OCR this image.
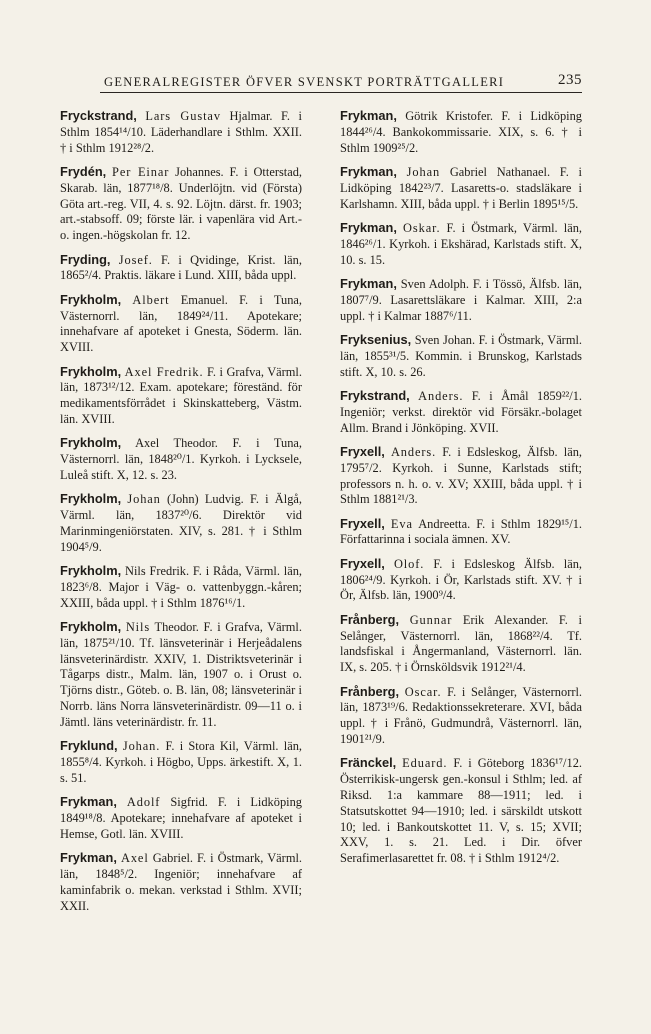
GENERALREGISTER ÖFVER SVENSKT PORTRÄTTGALLERI	235

Fryckstrand, Lars Gustav Hjalmar. F. i Sthlm 1854¹⁴/10. Läderhandlare i Sthlm. XXII. † i Sthlm 1912²⁸/2.

Frydén, Per Einar Johannes. F. i Otterstad, Skarab. län, 1877¹⁸/8. Underlöjtn. vid (Första) Göta art.-reg. VII, 4. s. 92. Löjtn. därst. fr. 1903; art.-stabsoff. 09; förste lär. i vapenlära vid Art.- o. ingen.-högskolan fr. 12.

Fryding, Josef. F. i Qvidinge, Krist. län, 1865²/4. Praktis. läkare i Lund. XIII, båda uppl.

Frykholm, Albert Emanuel. F. i Tuna, Västernorrl. län, 1849²⁴/11. Apotekare; innehafvare af apoteket i Gnesta, Söderm. län. XVIII.

Frykholm, Axel Fredrik. F. i Grafva, Värml. län, 1873¹²/12. Exam. apotekare; föreständ. för medikamentsförrådet i Skinskatteberg, Västm. län. XVIII.

Frykholm, Axel Theodor. F. i Tuna, Västernorrl. län, 1848²⁰/1. Kyrkoh. i Lycksele, Luleå stift. X, 12. s. 23.

Frykholm, Johan (John) Ludvig. F. i Älgå, Värml. län, 1837²⁰/6. Direktör vid Marinmingeniörstaten. XIV, s. 281. † i Sthlm 1904⁵/9.

Frykholm, Nils Fredrik. F. i Råda, Värml. län, 1823⁶/8. Major i Väg- o. vattenbyggn.-kåren; XXIII, båda uppl. † i Sthlm 1876¹⁶/1.

Frykholm, Nils Theodor. F. i Grafva, Värml. län, 1875²¹/10. Tf. länsveterinär i Herjeådalens länsveterinärdistr. XXIV, 1. Distriktsveterinär i Tågarps distr., Malm. län, 1907 o. i Orust o. Tjörns distr., Göteb. o. B. län, 08; länsveterinär i Norrb. läns Norra länsveterinärdistr. 09—11 o. i Jämtl. läns veterinärdistr. fr. 11.

Fryklund, Johan. F. i Stora Kil, Värml. län, 1855⁸/4. Kyrkoh. i Högbo, Upps. ärkestift. X, 1. s. 51.

Frykman, Adolf Sigfrid. F. i Lidköping 1849¹⁸/8. Apotekare; innehafvare af apoteket i Hemse, Gotl. län. XVIII.

Frykman, Axel Gabriel. F. i Östmark, Värml. län, 1848⁵/2. Ingeniör; innehafvare af kaminfabrik o. mekan. verkstad i Sthlm. XVII; XXII.

Frykman, Götrik Kristofer. F. i Lidköping 1844²⁶/4. Bankokommissarie. XIX, s. 6. † i Sthlm 1909²⁵/2.

Frykman, Johan Gabriel Nathanael. F. i Lidköping 1842²³/7. Lasaretts-o. stadsläkare i Karlshamn. XIII, båda uppl. † i Berlin 1895¹⁵/5.

Frykman, Oskar. F. i Östmark, Värml. län, 1846²⁶/1. Kyrkoh. i Ekshärad, Karlstads stift. X, 10. s. 15.

Frykman, Sven Adolph. F. i Tössö, Älfsb. län, 1807⁷/9. Lasarettsläkare i Kalmar. XIII, 2:a uppl. † i Kalmar 1887⁶/11.

Fryksenius, Sven Johan. F. i Östmark, Värml. län, 1855³¹/5. Kommin. i Brunskog, Karlstads stift. X, 10. s. 26.

Frykstrand, Anders. F. i Åmål 1859²²/1. Ingeniör; verkst. direktör vid Försäkr.-bolaget Allm. Brand i Jönköping. XVII.

Fryxell, Anders. F. i Edsleskog, Älfsb. län, 1795⁷/2. Kyrkoh. i Sunne, Karlstads stift; professors n. h. o. v. XV; XXIII, båda uppl. † i Sthlm 1881²¹/3.

Fryxell, Eva Andreetta. F. i Sthlm 1829¹⁵/1. Författarinna i sociala ämnen. XV.

Fryxell, Olof. F. i Edsleskog Älfsb. län, 1806²⁴/9. Kyrkoh. i Ör, Karlstads stift. XV. † i Ör, Älfsb. län, 1900⁹/4.

Frånberg, Gunnar Erik Alexander. F. i Selånger, Västernorrl. län, 1868²²/4. Tf. landsfiskal i Ångermanland, Västernorrl. län. IX, s. 205. † i Örnsköldsvik 1912²¹/4.

Frånberg, Oscar. F. i Selånger, Västernorrl. län, 1873¹⁹/6. Redaktionssekreterare. XVI, båda uppl. † i Frånö, Gudmundrå, Västernorrl. län, 1901²¹/9.

Fränckel, Eduard. F. i Göteborg 1836¹⁷/12. Österrikisk-ungersk gen.-konsul i Sthlm; led. af Riksd. 1:a kammare 88—1911; led. i Statsutskottet 94—1910; led. i särskildt utskott 10; led. i Bankoutskottet 11. V, s. 15; XVII; XXV, 1. s. 21. Led. i Dir. öfver Serafimerlasarettet fr. 08. † i Sthlm 1912⁴/2.
